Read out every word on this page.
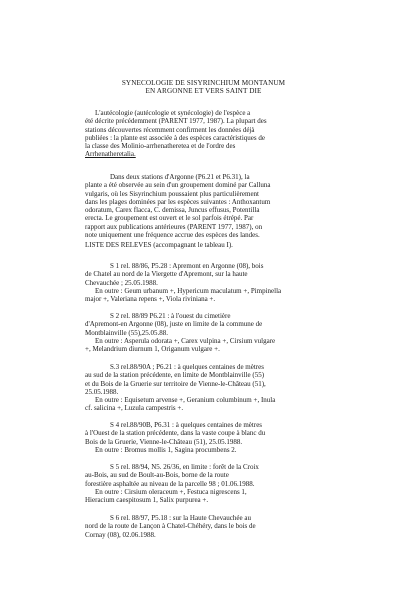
SYNECOLOGIE DE SISYRINCHIUM MONTANUM
EN ARGONNE ET VERS SAINT DIE
L'autécologie (autécologie et synécologie) de l'espèce a
été décrite précédemment (PARENT 1977, 1987). La plupart des
stations découvertes récemment confirment les données déjà
publiées : la plante est associée à des espèces caractéristiques de
la classe des Molinio-arrhenatheretea et de l'ordre des
Arrhenatheretalia.
Dans deux stations d'Argonne (P6.21 et P6.31), la
plante a été observée au sein d'un groupement dominé par Calluna
vulgaris, où les Sisyrinchium poussaient plus particulièrement
dans les plages dominées par les espèces suivantes : Anthoxantum
odoratum, Carex flacca, C. demissa, Juncus effusus, Potentilla
erecta. Le groupement est ouvert et le sol parfois étrépé. Par
rapport aux publications antérieures (PARENT 1977, 1987), on
note uniquement une fréquence accrue des espèces des landes.
LISTE DES RELEVES (accompagnant le tableau I).
S 1 rel. 88/86, P5.28 : Apremont en Argonne (08), bois
de Chatel au nord de la Viergette d'Apremont, sur la haute
Chevauchée ; 25.05.1988.
En outre : Geum urbanum +, Hypericum maculatum +, Pimpinella
major +, Valeriana repens +, Viola riviniana +.
S 2 rel. 88/89 P6.21 : à l'ouest du cimetière
d'Apremont-en Argonne (08), juste en limite de la commune de
Montblainville (55),25.05.88.
En outre : Asperula odorata +, Carex vulpina +, Cirsium vulgare
+, Melandrium diurnum 1, Origanum vulgare +.
S.3 rel.88/90A ; P6.21 : à quelques centaines de mètres
au sud de la station précédente, en limite de Montblainville (55)
et du Bois de la Gruerie sur territoire de Vienne-le-Château (51),
25.05.1988.
En outre : Equisetum arvense +, Geranium columbinum +, Inula
cf. salicina +, Luzula campestris +.
S 4 rel.88/90B, P6.31 : à quelques centaines de mètres
à l'Ouest de la station précédente, dans la vaste coupe à blanc du
Bois de la Gruerie, Vienne-le-Château (51), 25.05.1988.
En outre : Bromus mollis 1, Sagina procumbens 2.
S 5 rel. 88/94, N5. 26/36, en limite : forêt de la Croix
au-Bois, au sud de Boult-au-Bois, borne de la route
forestière asphaltée au niveau de la parcelle 98 ; 01.06.1988.
En outre : Cirsium oleraceum +, Festuca nigrescens 1,
Hieracium caespitosum 1, Salix purpurea +.
S 6 rel. 88/97, P5.18 : sur la Haute Chevauchée au
nord de la route de Lançon à Chatel-Chéhéry, dans le bois de
Cornay (08), 02.06.1988.
